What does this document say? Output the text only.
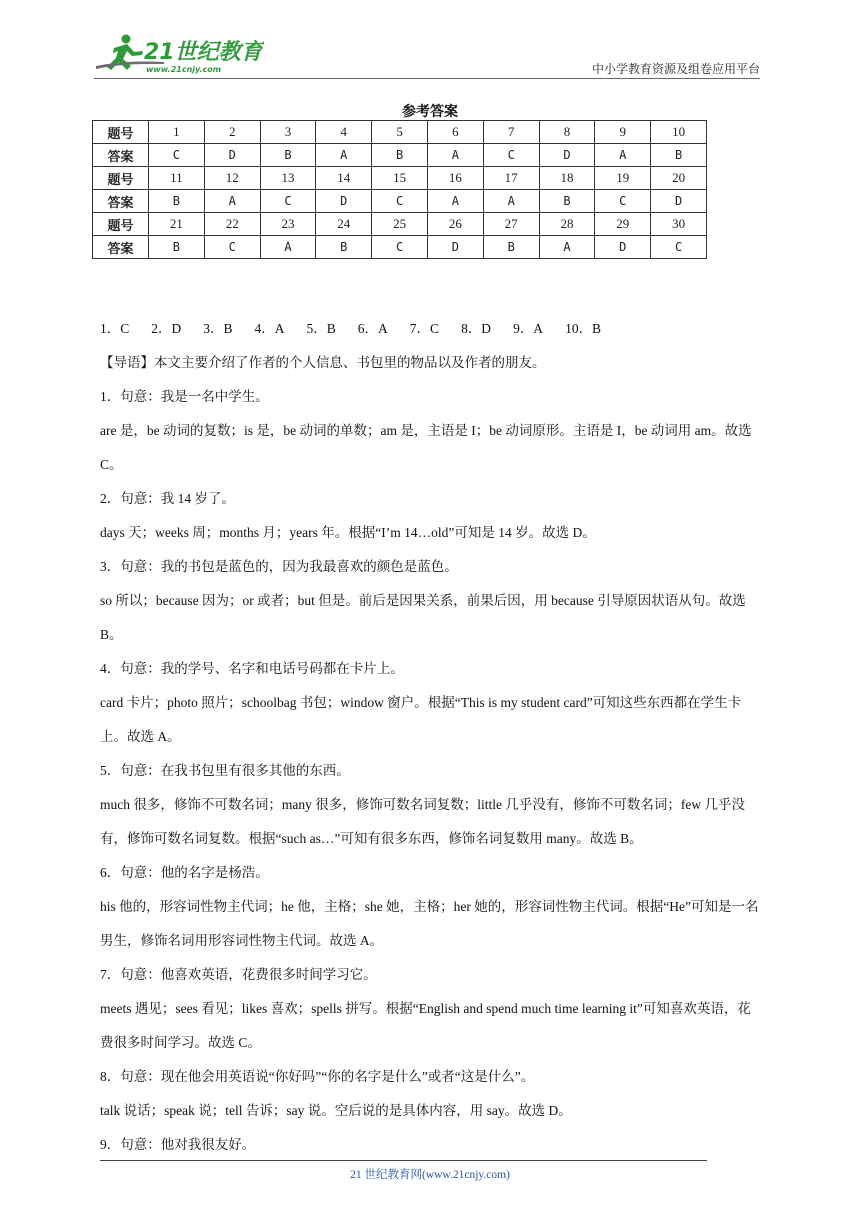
21世纪教育
www.21cnjy.com	中小学教育资源及组卷应用平台
参考答案
题号	1	2	3	4	5	6	7	8	9	10
答案	C	D	B	A	B	A	C	D	A	B
题号	11	12	13	14	15	16	17	18	19	20
答案	B	A	C	D	C	A	A	B	C	D
题号	21	22	23	24	25	26	27	28	29	30
答案	B	C	A	B	C	D	B	A	D	C

1．C 2．D 3．B 4．A 5．B 6．A 7．C 8．D 9．A 10．B

【导语】本文主要介绍了作者的个人信息、书包里的物品以及作者的朋友。

1．句意：我是一名中学生。

are 是，be 动词的复数；is 是，be 动词的单数；am 是，主语是 I；be 动词原形。主语是 I，be 动词用 am。故选 C。

2．句意：我 14 岁了。

days 天；weeks 周；months 月；years 年。根据“I’m 14…old”可知是 14 岁。故选 D。

3．句意：我的书包是蓝色的，因为我最喜欢的颜色是蓝色。

so 所以；because 因为；or 或者；but 但是。前后是因果关系，前果后因，用 because 引导原因状语从句。故选 B。

4．句意：我的学号、名字和电话号码都在卡片上。

card 卡片；photo 照片；schoolbag 书包；window 窗户。根据“This is my student card”可知这些东西都在学生卡上。故选 A。

5．句意：在我书包里有很多其他的东西。

much 很多，修饰不可数名词；many 很多，修饰可数名词复数；little 几乎没有，修饰不可数名词；few 几乎没有，修饰可数名词复数。根据“such as…”可知有很多东西，修饰名词复数用 many。故选 B。

6．句意：他的名字是杨浩。

his 他的，形容词性物主代词；he 他，主格；she 她，主格；her 她的，形容词性物主代词。根据“He”可知是一名男生，修饰名词用形容词性物主代词。故选 A。

7．句意：他喜欢英语，花费很多时间学习它。

meets 遇见；sees 看见；likes 喜欢；spells 拼写。根据“English and spend much time learning it”可知喜欢英语，花费很多时间学习。故选 C。

8．句意：现在他会用英语说“你好吗”“你的名字是什么”或者“这是什么”。

talk 说话；speak 说；tell 告诉；say 说。空后说的是具体内容，用 say。故选 D。

9．句意：他对我很友好。

21 世纪教育网(www.21cnjy.com)
